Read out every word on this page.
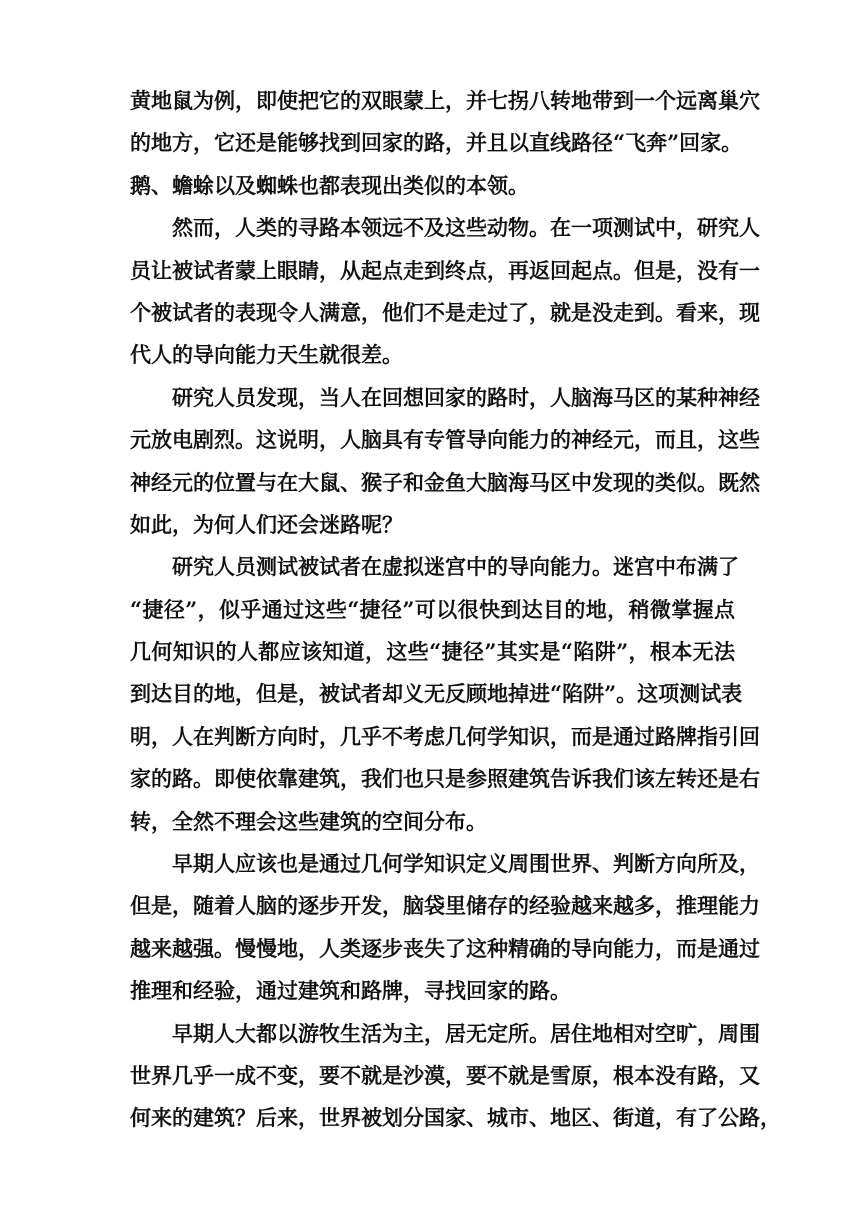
黄地鼠为例，即使把它的双眼蒙上，并七拐八转地带到一个远离巢穴
的地方，它还是能够找到回家的路，并且以直线路径“飞奔”回家。
鹅、蟾蜍以及蜘蛛也都表现出类似的本领。
然而，人类的寻路本领远不及这些动物。在一项测试中，研究人
员让被试者蒙上眼睛，从起点走到终点，再返回起点。但是，没有一
个被试者的表现令人满意，他们不是走过了，就是没走到。看来，现
代人的导向能力天生就很差。
研究人员发现，当人在回想回家的路时，人脑海马区的某种神经
元放电剧烈。这说明，人脑具有专管导向能力的神经元，而且，这些
神经元的位置与在大鼠、猴子和金鱼大脑海马区中发现的类似。既然
如此，为何人们还会迷路呢？
研究人员测试被试者在虚拟迷宫中的导向能力。迷宫中布满了
“捷径”，似乎通过这些“捷径”可以很快到达目的地，稍微掌握点
几何知识的人都应该知道，这些“捷径”其实是“陷阱”，根本无法
到达目的地，但是，被试者却义无反顾地掉进“陷阱”。这项测试表
明，人在判断方向时，几乎不考虑几何学知识，而是通过路牌指引回
家的路。即使依靠建筑，我们也只是参照建筑告诉我们该左转还是右
转，全然不理会这些建筑的空间分布。
早期人应该也是通过几何学知识定义周围世界、判断方向所及，
但是，随着人脑的逐步开发，脑袋里储存的经验越来越多，推理能力
越来越强。慢慢地，人类逐步丧失了这种精确的导向能力，而是通过
推理和经验，通过建筑和路牌，寻找回家的路。
早期人大都以游牧生活为主，居无定所。居住地相对空旷，周围
世界几乎一成不变，要不就是沙漠，要不就是雪原，根本没有路，又
何来的建筑？后来，世界被划分国家、城市、地区、街道，有了公路，
